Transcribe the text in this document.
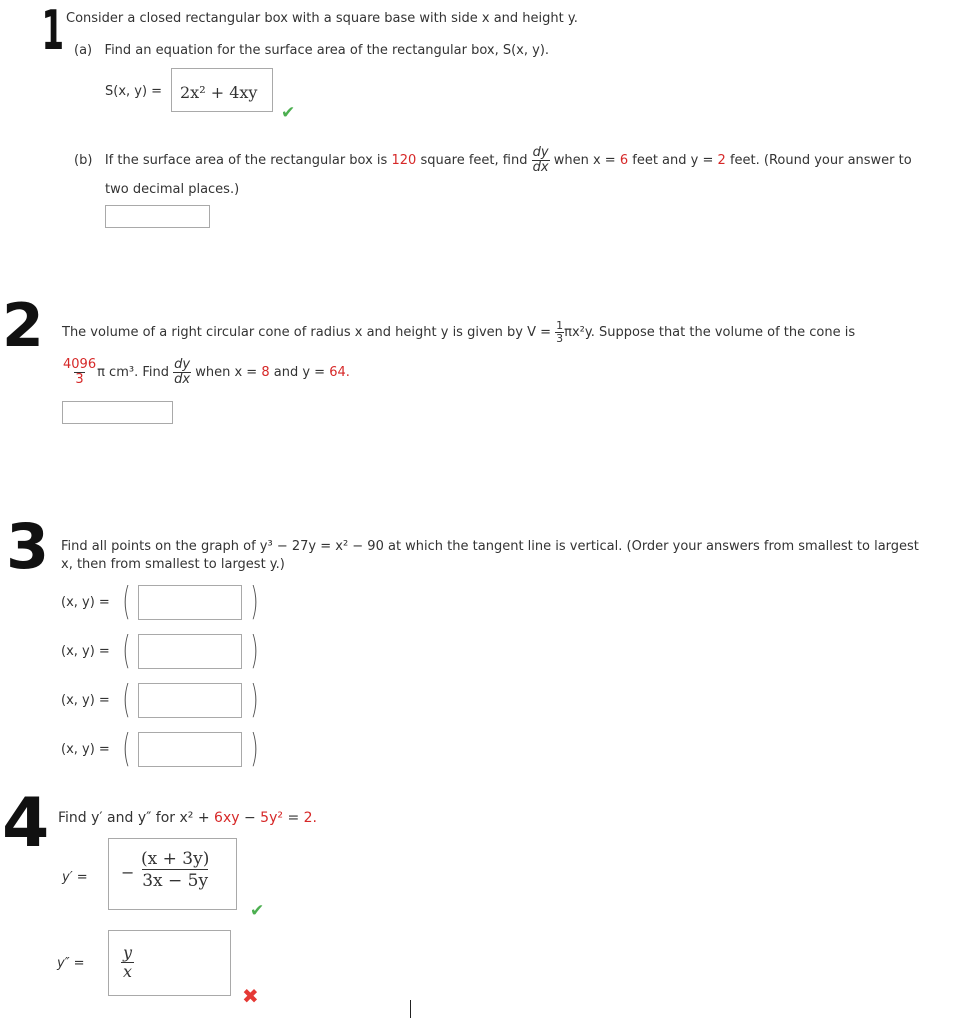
1
2
3
4
Consider a closed rectangular box with a square base with side x and height y.
(a) Find an equation for the surface area of the rectangular box, S(x, y).
S(x, y) = 2x² + 4xy
✔
(b)
If the surface area of the rectangular box is
120
square feet, find
$\frac{dy}{dx}$
when x =
6
feet and y =
2
feet. (Round your answer to
two decimal places.)
The volume of a right circular cone of radius x and height y is given by V =
$\frac{1}{3} \pi x^2y$. Suppose that the volume of the cone is
$\frac{4096}{3}$ π cm³. Find
$\frac{dy}{dx}$
when x =
8
and y =
64.
Find all points on the graph of y³ − 27y = x² − 90 at which the tangent line is vertical. (Order your answers from smallest to largest
x, then from smallest to largest y.)
(x, y) = (	)
(x, y) = (	)
(x, y) = (	)
(x, y) = (	)
Find y′ and y″ for x² + 6xy − 5y² = 2.
y′ = − $\frac{(x + 3y)}{3x - 5y}$
✔
$y'' = \frac{y}{x}$
✖
